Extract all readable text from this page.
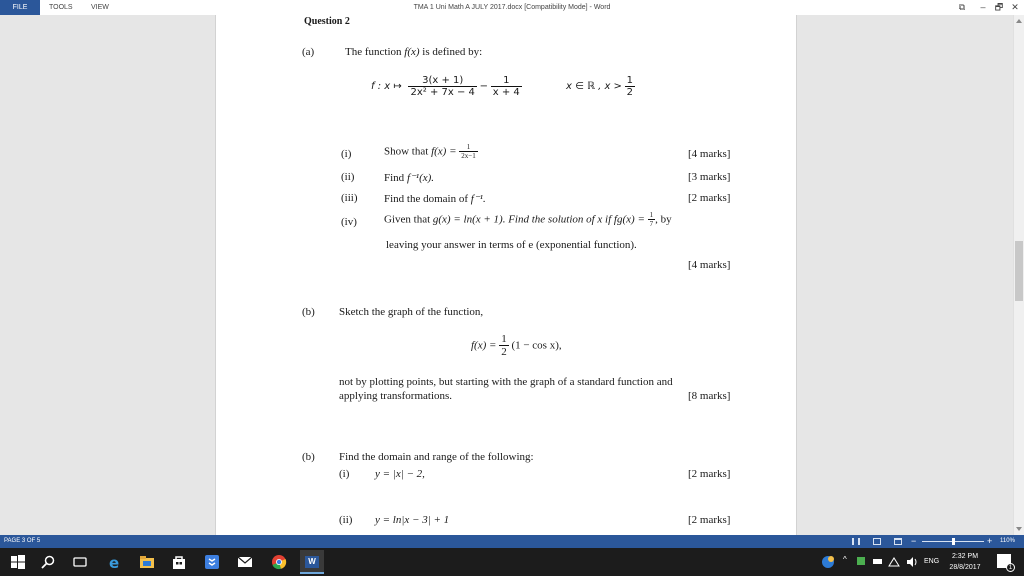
FILE	TOOLS	VIEW	TMA 1 Uni Math A JULY 2017.docx [Compatibility Mode] - Word	⧉	–	🗗 ✕
Question 2
(a)	The function f(x) is defined by:
f : x ↦ $\frac{3(x + 1)}{\text{2x² + 7x − 4}} - \frac{1}{x + 4}$	x ∈ ℝ , $x > \frac{1}{2}$
(i)	Show that $f(x) = \frac{1}{2x-1}$	[4 marks]
(ii)	Find f⁻¹(x).	[3 marks]
(iii) Find the domain of f⁻¹.	[2 marks]
(iv) Given that g(x) = ln(x + 1). Find the solution of x if $fg(x) = \frac{1}{7}$ , by
leaving your answer in terms of e (exponential function).
[4 marks]
(b) Sketch the graph of the function,
$f(x) = \frac{1}{2} (1 - \cos x)$,
not by plotting points, but starting with the graph of a standard function and
applying transformations.	[8 marks]
(b) Find the domain and range of the following:
(i) y = |x| − 2,	[2 marks]
(ii) y = ln|x − 3| + 1	[2 marks]
PAGE 3 OF 5	−	+ 110%
e	W	^	ENG
2:32 PM
28/8/2017	1
